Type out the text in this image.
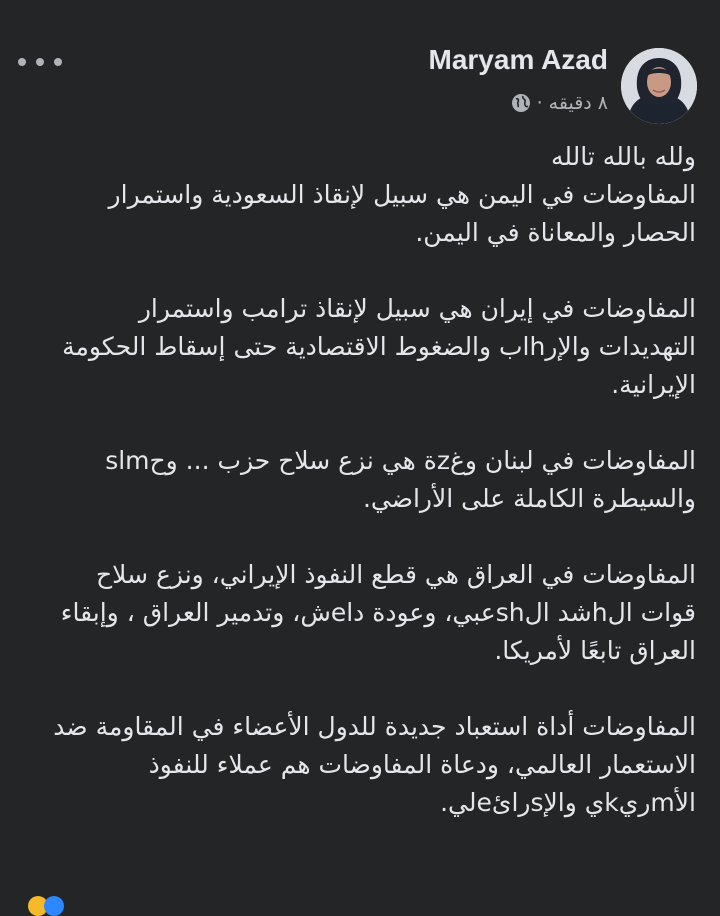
Maryam Azad
٨ دقيقه
·

ولله بالله تالله
المفاوضات في اليمن هي سبيل لإنقاذ السعودية واستمرار الحصار والمعاناة في اليمن.

المفاوضات في إيران هي سبيل لإنقاذ ترامب واستمرار التهديدات والإرhاب والضغوط الاقتصادية حتى إسقاط الحكومة الإيرانية.

المفاوضات في لبنان وغzة هي نزع سلاح حزب ... وحslm والسيطرة الكاملة على الأراضي.

المفاوضات في العراق هي قطع النفوذ الإيراني، ونزع سلاح قوات الhشد الshعبي، وعودة داeش، وتدمير العراق ، وإبقاء العراق تابعًا لأمريكا.

المفاوضات أداة استعباد جديدة للدول الأعضاء في المقاومة ضد الاستعمار العالمي، ودعاة المفاوضات هم عملاء للنفوذ الأmريkي والإsرائeلي.
